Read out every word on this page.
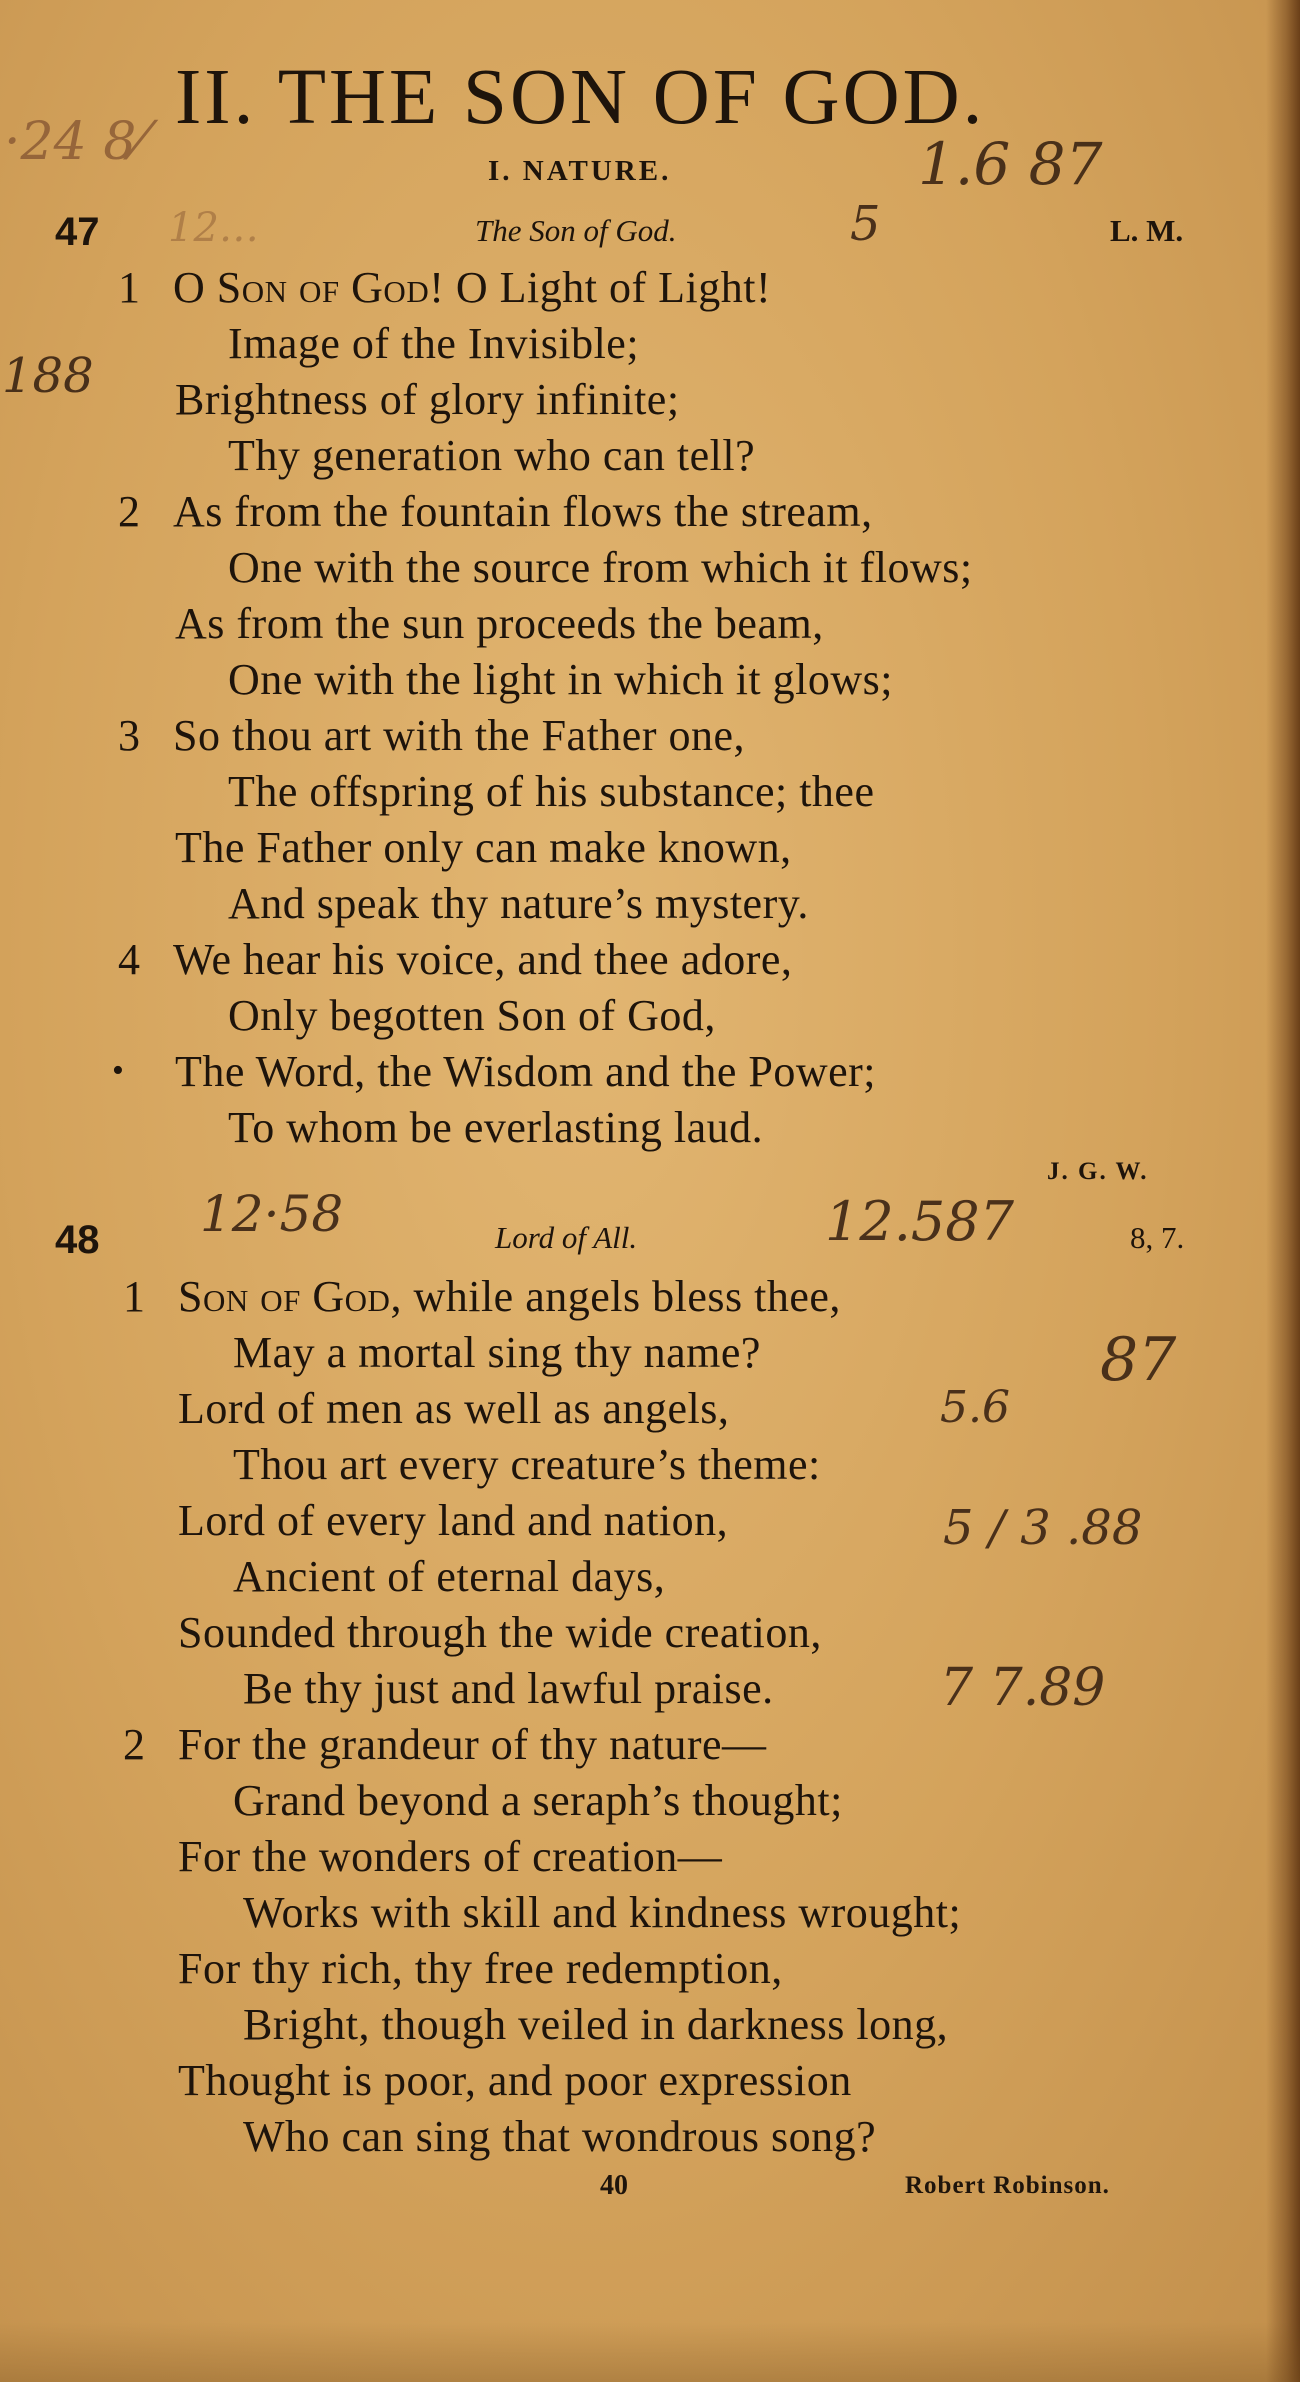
·24 8⁄	1.6 87
188
12…	5
12·58	12.587
87
5.6
5 / 3 .88
7 7.89
II. THE SON OF GOD.
I. NATURE.
47	The Son of God.	L. M.
1 O Son of God! O Light of Light!
Image of the Invisible;
Brightness of glory infinite;
Thy generation who can tell?
2 As from the fountain flows the stream,
One with the source from which it flows;
As from the sun proceeds the beam,
One with the light in which it glows;
3 So thou art with the Father one,
The offspring of his substance; thee
The Father only can make known,
And speak thy nature’s mystery.
4 We hear his voice, and thee adore,
Only begotten Son of God,
• The Word, the Wisdom and the Power;
To whom be everlasting laud.
J. G. W.
48	Lord of All.	8, 7.
1 Son of God, while angels bless thee,
May a mortal sing thy name?
Lord of men as well as angels,
Thou art every creature’s theme:
Lord of every land and nation,
Ancient of eternal days,
Sounded through the wide creation,
Be thy just and lawful praise.
2 For the grandeur of thy nature—
Grand beyond a seraph’s thought;
For the wonders of creation—
Works with skill and kindness wrought;
For thy rich, thy free redemption,
Bright, though veiled in darkness long,
Thought is poor, and poor expression
Who can sing that wondrous song?
40	Robert Robinson.
